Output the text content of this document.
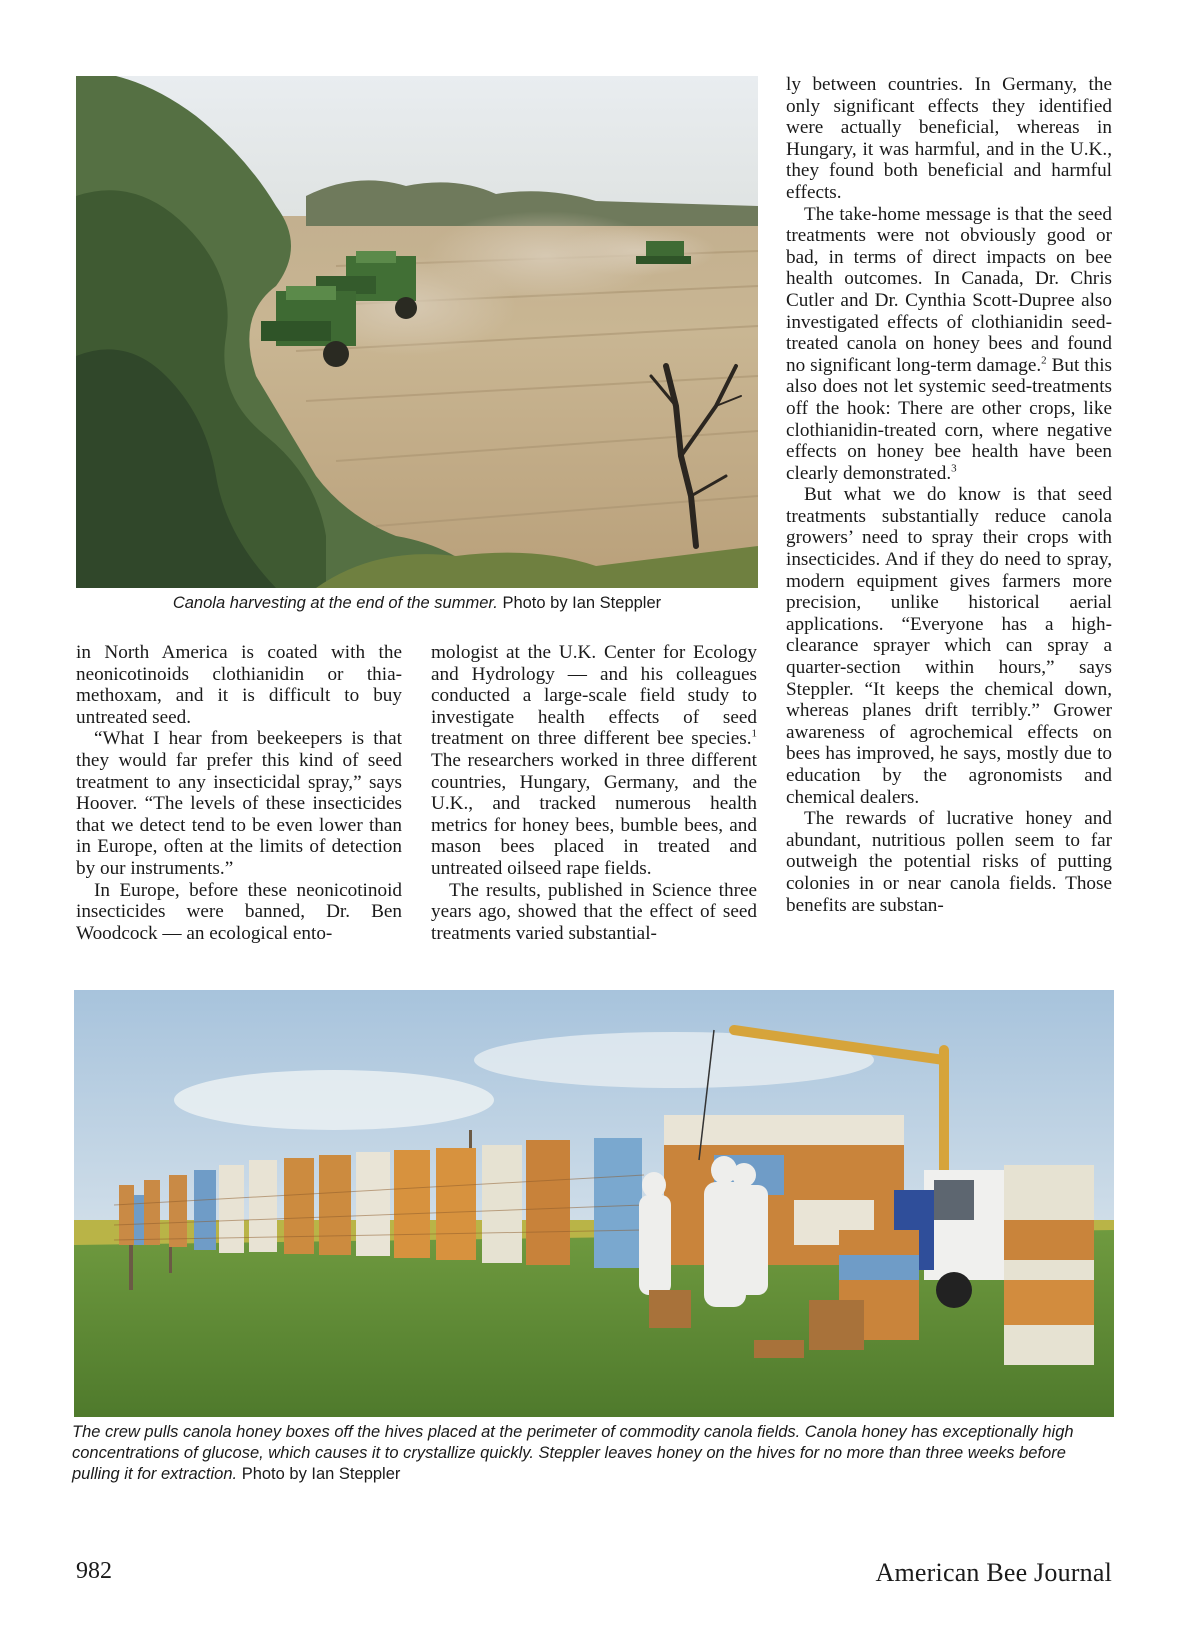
Canola harvesting at the end of the summer. Photo by Ian Steppler

in North America is coated with the neonicotinoids clothianidin or thiamethoxam, and it is difficult to buy untreated seed.

“What I hear from beekeepers is that they would far prefer this kind of seed treatment to any insecticidal spray,” says Hoover. “The levels of these insecticides that we detect tend to be even lower than in Europe, often at the limits of detection by our instruments.”

In Europe, before these neonicotinoid insecticides were banned, Dr. Ben Woodcock — an ecological ento-

mologist at the U.K. Center for Ecology and Hydrology — and his colleagues conducted a large-scale field study to investigate health effects of seed treatment on three different bee species.$^1$ The researchers worked in three different countries, Hungary, Germany, and the U.K., and tracked numerous health metrics for honey bees, bumble bees, and mason bees placed in treated and untreated oilseed rape fields.

The results, published in Science three years ago, showed that the effect of seed treatments varied substantial-

ly between countries. In Germany, the only significant effects they identified were actually beneficial, whereas in Hungary, it was harmful, and in the U.K., they found both beneficial and harmful effects.

The take-home message is that the seed treatments were not obviously good or bad, in terms of direct impacts on bee health outcomes. In Canada, Dr. Chris Cutler and Dr. Cynthia Scott-Dupree also investigated effects of clothianidin seed-treated canola on honey bees and found no significant long-term damage.$^2$ But this also does not let systemic seed-treatments off the hook: There are other crops, like clothianidin-treated corn, where negative effects on honey bee health have been clearly demonstrated.$^3$

But what we do know is that seed treatments substantially reduce canola growers’ need to spray their crops with insecticides. And if they do need to spray, modern equipment gives farmers more precision, unlike historical aerial applications. “Everyone has a high-clearance sprayer which can spray a quarter-section within hours,” says Steppler. “It keeps the chemical down, whereas planes drift terribly.” Grower awareness of agrochemical effects on bees has improved, he says, mostly due to education by the agronomists and chemical dealers.

The rewards of lucrative honey and abundant, nutritious pollen seem to far outweigh the potential risks of putting colonies in or near canola fields. Those benefits are substan-

The crew pulls canola honey boxes off the hives placed at the perimeter of commodity canola fields. Canola honey has exceptionally high concentrations of glucose, which causes it to crystallize quickly. Steppler leaves honey on the hives for no more than three weeks before pulling it for extraction. Photo by Ian Steppler
982	American Bee Journal
